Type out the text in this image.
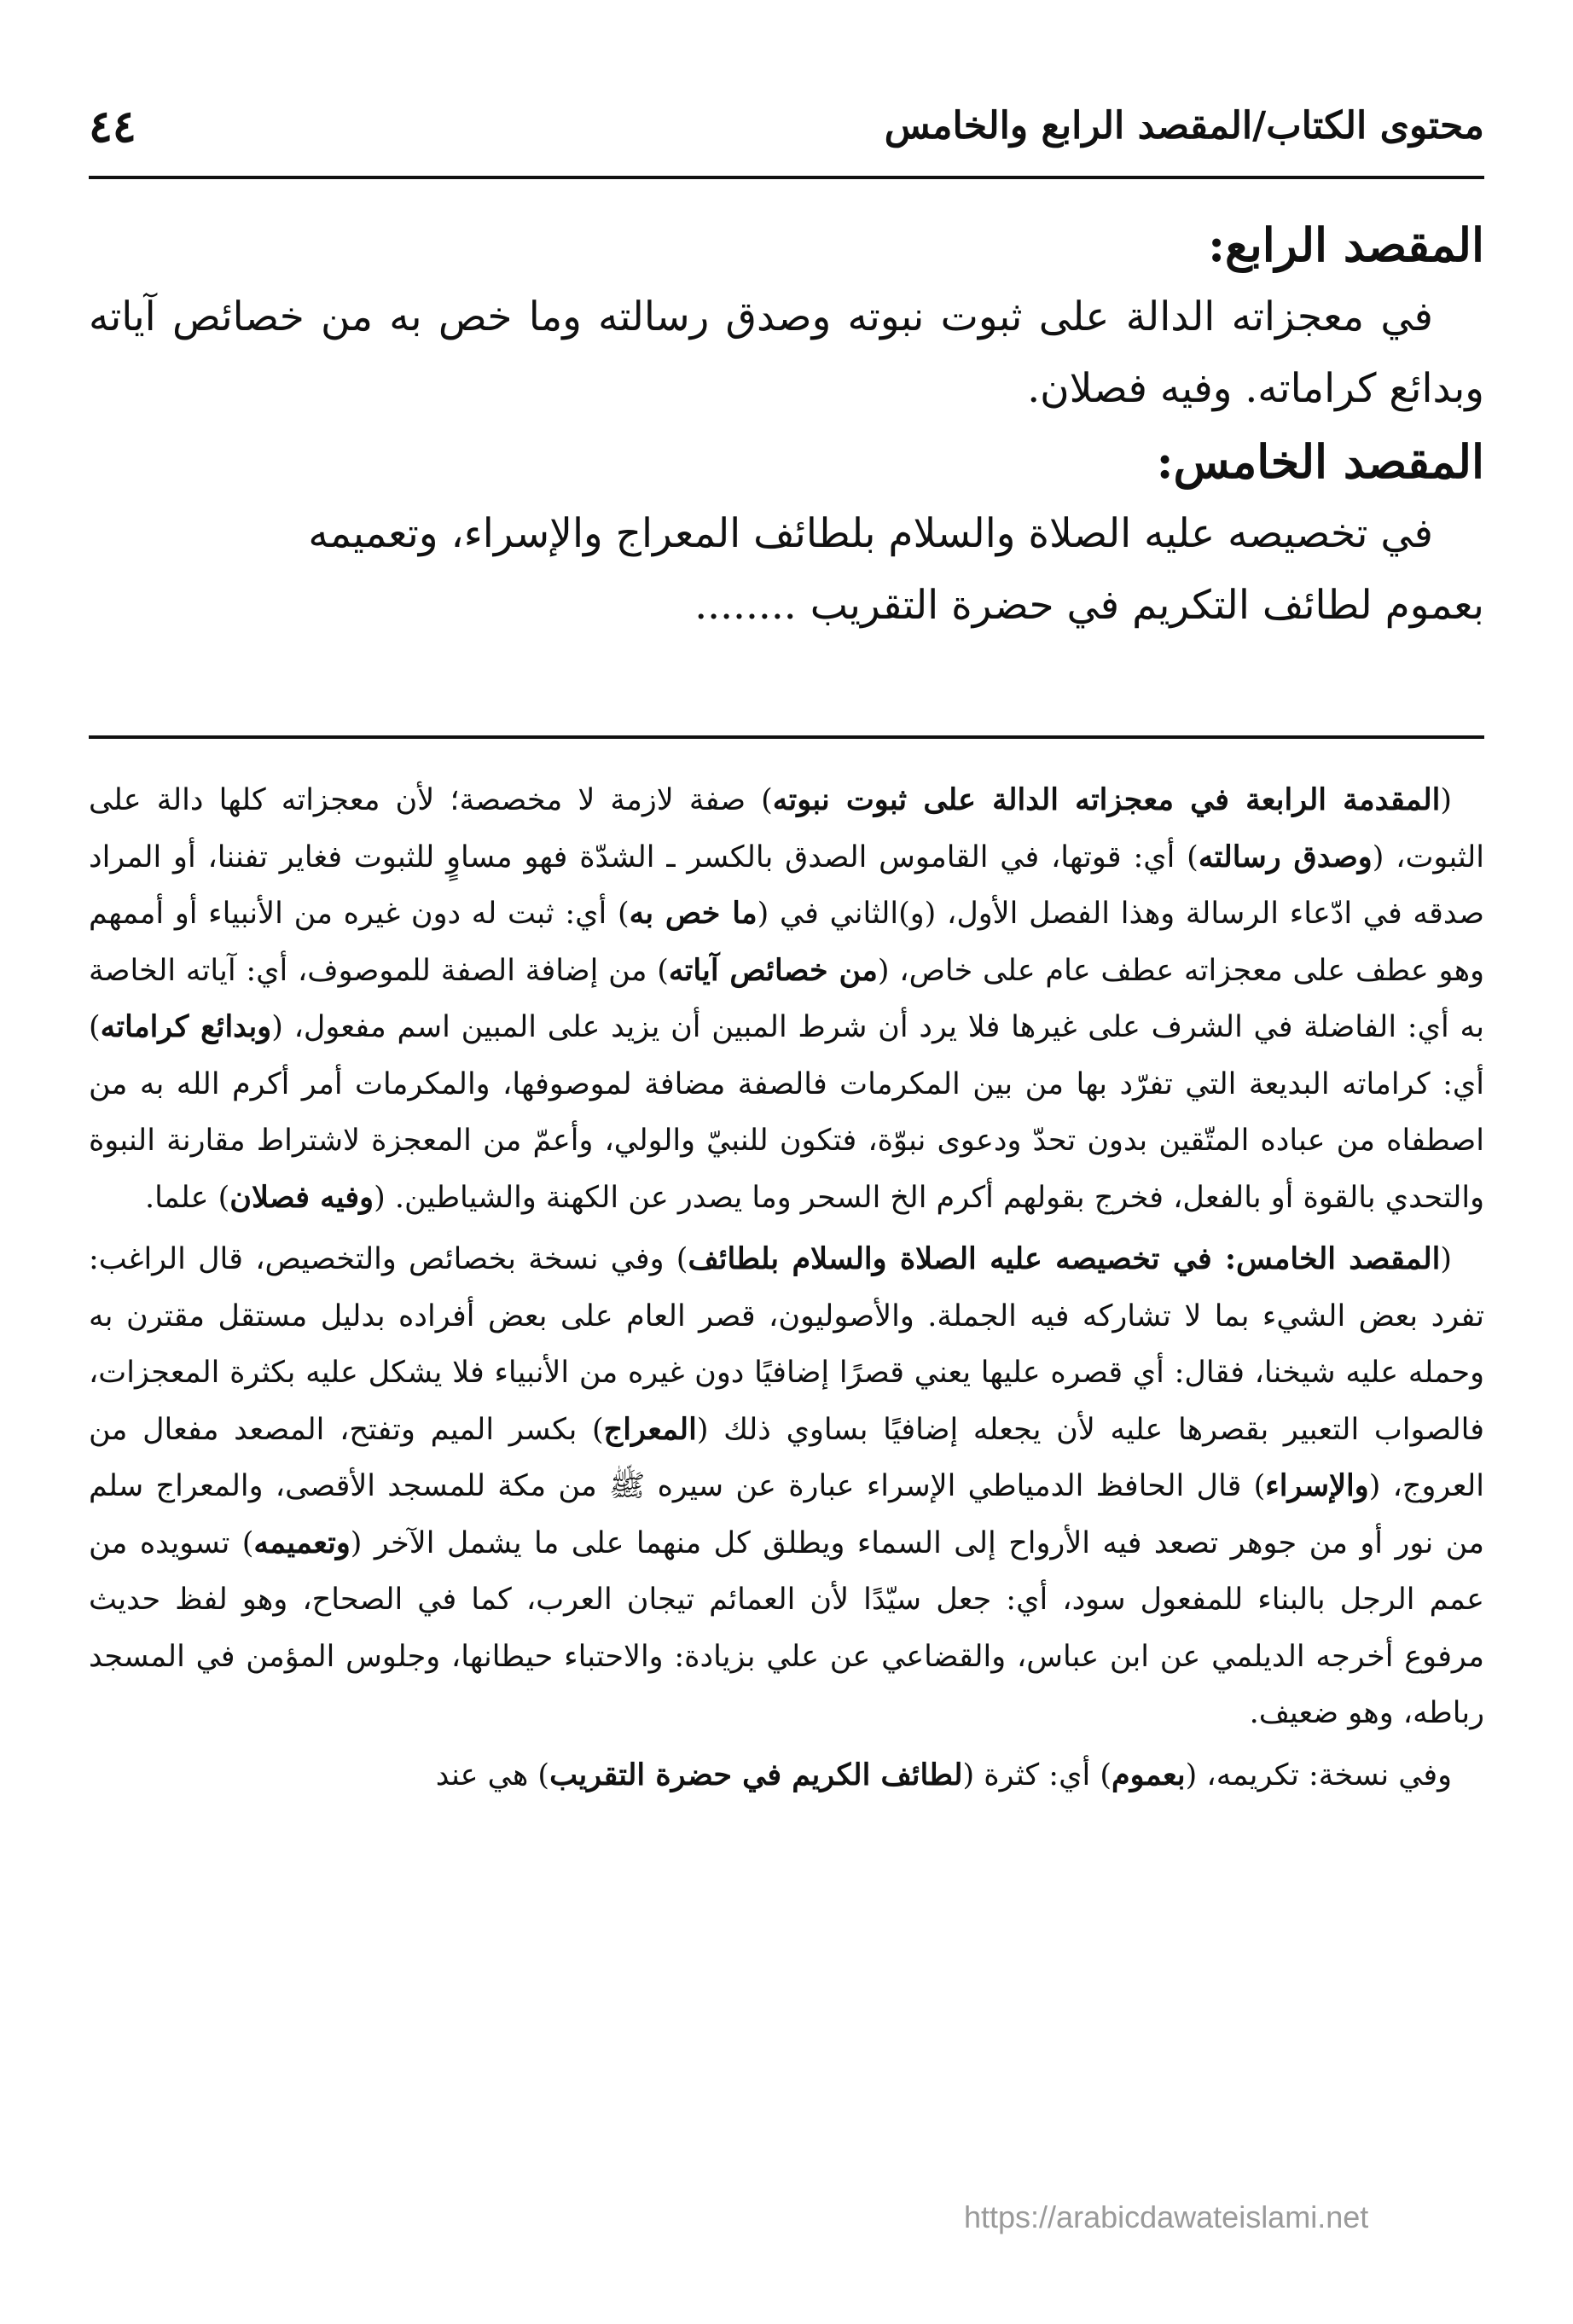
٤٤	محتوى الكتاب/المقصد الرابع والخامس

المقصد الرابع:

في معجزاته الدالة على ثبوت نبوته وصدق رسالته وما خص به من خصائص آياته وبدائع كراماته. وفيه فصلان.

المقصد الخامس:

في تخصيصه عليه الصلاة والسلام بلطائف المعراج والإسراء، وتعميمه

بعموم لطائف التكريم في حضرة التقريب........

(المقدمة الرابعة في معجزاته الدالة على ثبوت نبوته) صفة لازمة لا مخصصة؛ لأن معجزاته كلها دالة على الثبوت، (وصدق رسالته) أي: قوتها، في القاموس الصدق بالكسر ـ الشدّة فهو مساوٍ للثبوت فغاير تفننا، أو المراد صدقه في ادّعاء الرسالة وهذا الفصل الأول، (و)الثاني في (ما خص به) أي: ثبت له دون غيره من الأنبياء أو أممهم وهو عطف على معجزاته عطف عام على خاص، (من خصائص آياته) من إضافة الصفة للموصوف، أي: آياته الخاصة به أي: الفاضلة في الشرف على غيرها فلا يرد أن شرط المبين أن يزيد على المبين اسم مفعول، (وبدائع كراماته) أي: كراماته البديعة التي تفرّد بها من بين المكرمات فالصفة مضافة لموصوفها، والمكرمات أمر أكرم الله به من اصطفاه من عباده المتّقين بدون تحدّ ودعوى نبوّة، فتكون للنبيّ والولي، وأعمّ من المعجزة لاشتراط مقارنة النبوة والتحدي بالقوة أو بالفعل، فخرج بقولهم أكرم الخ السحر وما يصدر عن الكهنة والشياطين. (وفيه فصلان) علما.

(المقصد الخامس: في تخصيصه عليه الصلاة والسلام بلطائف) وفي نسخة بخصائص والتخصيص، قال الراغب: تفرد بعض الشيء بما لا تشاركه فيه الجملة. والأصوليون، قصر العام على بعض أفراده بدليل مستقل مقترن به وحمله عليه شيخنا، فقال: أي قصره عليها يعني قصرًا إضافيًا دون غيره من الأنبياء فلا يشكل عليه بكثرة المعجزات، فالصواب التعبير بقصرها عليه لأن يجعله إضافيًا بساوي ذلك (المعراج) بكسر الميم وتفتح، المصعد مفعال من العروج، (والإسراء) قال الحافظ الدمياطي الإسراء عبارة عن سيره ﷺ من مكة للمسجد الأقصى، والمعراج سلم من نور أو من جوهر تصعد فيه الأرواح إلى السماء ويطلق كل منهما على ما يشمل الآخر (وتعميمه) تسويده من عمم الرجل بالبناء للمفعول سود، أي: جعل سيّدًا لأن العمائم تيجان العرب، كما في الصحاح، وهو لفظ حديث مرفوع أخرجه الديلمي عن ابن عباس، والقضاعي عن علي بزيادة: والاحتباء حيطانها، وجلوس المؤمن في المسجد رباطه، وهو ضعيف.

وفي نسخة: تكريمه، (بعموم) أي: كثرة (لطائف الكريم في حضرة التقريب) هي عند

https://arabicdawateislami.net
